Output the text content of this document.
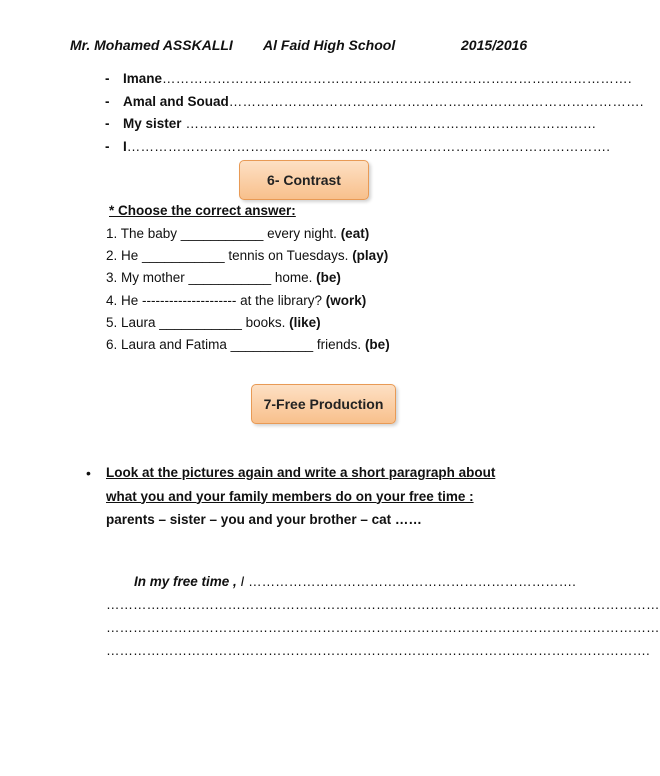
Mr. Mohamed ASSKALLI Al Faid High School	2015/2016
- Imane………………………………………………………………………………………….
- Amal and Souad……………………………………………………………………………….
- My sister ………………………………………………………………………………
- I…………………………………………………………………………………………….
6- Contrast
* Choose the correct answer:
1. The baby ___________ every night. (eat)
2. He ___________ tennis on Tuesdays. (play)
3. My mother ___________ home. (be)
4. He --------------------- at the library? (work)
5. Laura ___________ books. (like)
6. Laura and Fatima ___________ friends. (be)
7-Free Production
• Look at the pictures again and write a short paragraph about
what you and your family members do on your free time :
parents – sister – you and your brother – cat ……
In my free time , I ……………………………………………………………….
……………………………………………………………………………………………………………
……………………………………………………………………………………………………………
………………………………………………………………………………………………………….
